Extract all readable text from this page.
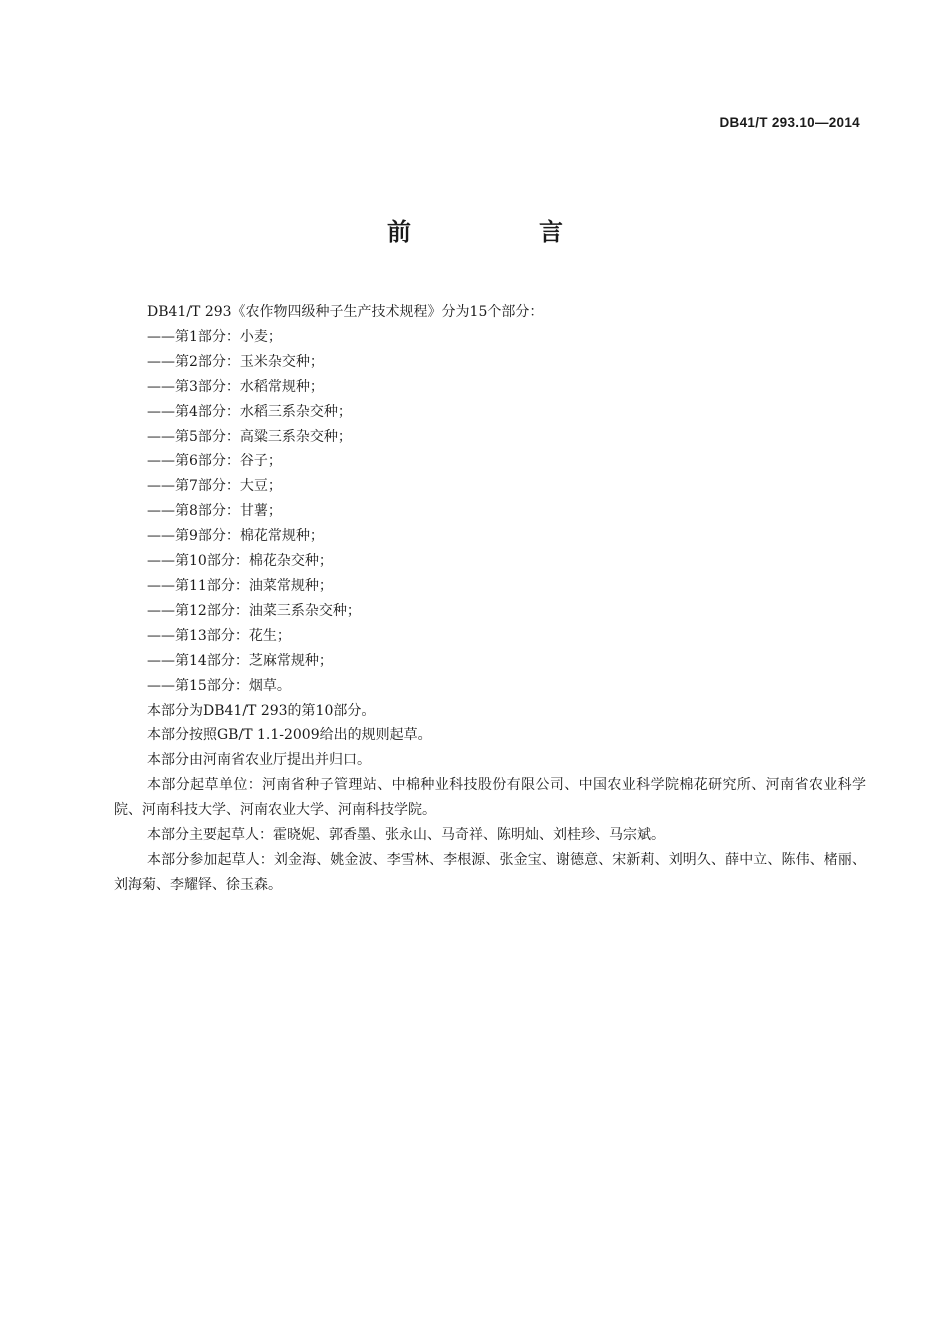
DB41/T 293.10—2014
前　言

DB41/T 293《农作物四级种子生产技术规程》分为15个部分：

——第1部分：小麦；
——第2部分：玉米杂交种；
——第3部分：水稻常规种；
——第4部分：水稻三系杂交种；
——第5部分：高粱三系杂交种；
——第6部分：谷子；
——第7部分：大豆；
——第8部分：甘薯；
——第9部分：棉花常规种；
——第10部分：棉花杂交种；
——第11部分：油菜常规种；
——第12部分：油菜三系杂交种；
——第13部分：花生；
——第14部分：芝麻常规种；
——第15部分：烟草。

本部分为DB41/T 293的第10部分。

本部分按照GB/T 1.1-2009给出的规则起草。

本部分由河南省农业厅提出并归口。

本部分起草单位：河南省种子管理站、中棉种业科技股份有限公司、中国农业科学院棉花研究所、河南省农业科学院、河南科技大学、河南农业大学、河南科技学院。

本部分主要起草人：霍晓妮、郭香墨、张永山、马奇祥、陈明灿、刘桂珍、马宗斌。

本部分参加起草人：刘金海、姚金波、李雪林、李根源、张金宝、谢德意、宋新莉、刘明久、薛中立、陈伟、楮丽、刘海菊、李耀铎、徐玉森。
